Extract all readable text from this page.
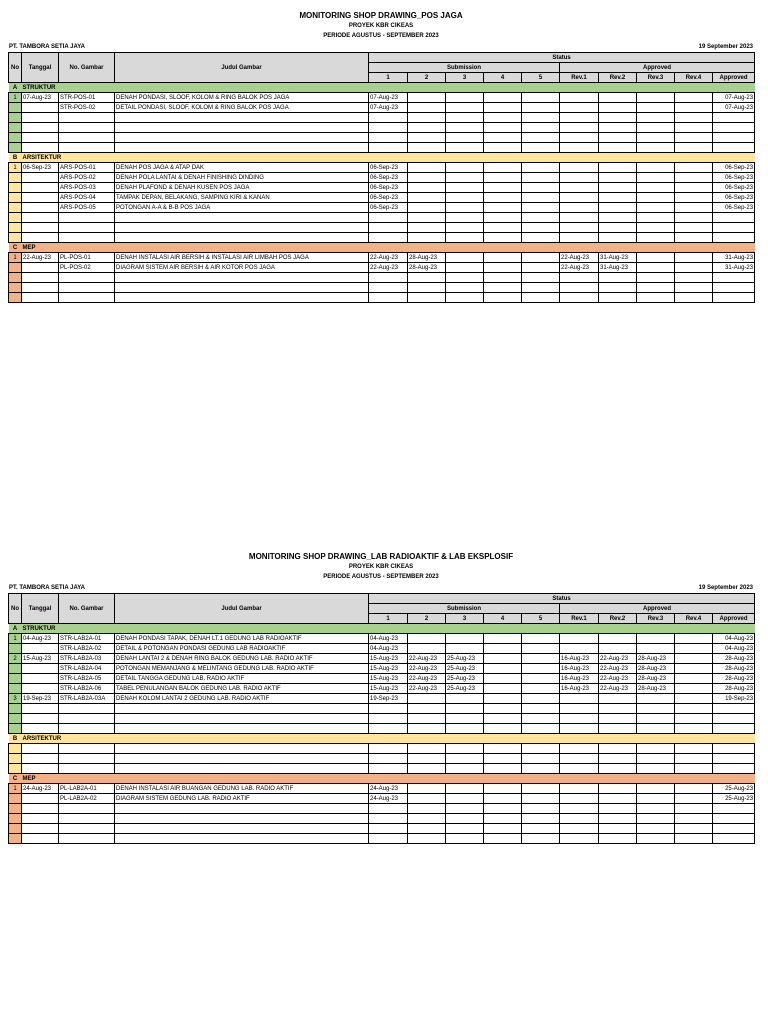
MONITORING SHOP DRAWING_POS JAGA
PROYEK KBR CIKEAS
PERIODE AGUSTUS - SEPTEMBER 2023
PT. TAMBORA SETIA JAYA	19 September 2023
No	Tanggal	No. Gambar	Judul Gambar	Status									
				Submission					Approved				
				1	2	3	4	5	Rev.1	Rev.2	Rev.3	Rev.4	Approved
A	STRUKTUR												
1	07-Aug-23	STR-POS-01	DENAH PONDASI, SLOOF, KOLOM & RING BALOK POS JAGA	07-Aug-23									07-Aug-23
		STR-POS-02	DETAIL PONDASI, SLOOF, KOLOM & RING BALOK POS JAGA	07-Aug-23									07-Aug-23

B	ARSITEKTUR												
1	06-Sep-23	ARS-POS-01	DENAH POS JAGA & ATAP DAK	06-Sep-23									06-Sep-23
		ARS-POS-02	DENAH POLA LANTAI & DENAH FINISHING DINDING	06-Sep-23									06-Sep-23
		ARS-POS-03	DENAH PLAFOND & DENAH KUSEN POS JAGA	06-Sep-23									06-Sep-23
		ARS-POS-04	TAMPAK DEPAN, BELAKANG, SAMPING KIRI & KANAN	06-Sep-23									06-Sep-23
		ARS-POS-05	POTONGAN A-A & B-B POS JAGA	06-Sep-23									06-Sep-23

C	MEP												
1	22-Aug-23	PL-POS-01	DENAH INSTALASI AIR BERSIH & INSTALASI AIR LIMBAH POS JAGA	22-Aug-23	28-Aug-23				22-Aug-23	31-Aug-23			31-Aug-23
		PL-POS-02	DIAGRAM SISTEM AIR BERSIH & AIR KOTOR POS JAGA	22-Aug-23	28-Aug-23				22-Aug-23	31-Aug-23			31-Aug-23

MONITORING SHOP DRAWING_LAB RADIOAKTIF & LAB EKSPLOSIF
PROYEK KBR CIKEAS
PERIODE AGUSTUS - SEPTEMBER 2023
PT. TAMBORA SETIA JAYA	19 September 2023
No	Tanggal	No. Gambar	Judul Gambar	Status									
				Submission					Approved				
				1	2	3	4	5	Rev.1	Rev.2	Rev.3	Rev.4	Approved
A	STRUKTUR												
1	04-Aug-23	STR-LAB2A-01	DENAH PONDASI TAPAK, DENAH LT.1 GEDUNG LAB RADIOAKTIF	04-Aug-23									04-Aug-23
		STR-LAB2A-02	DETAIL & POTONGAN PONDASI GEDUNG LAB RADIOAKTIF	04-Aug-23									04-Aug-23
2	15-Aug-23	STR-LAB2A-03	DENAH LANTAI 2 & DENAH RING BALOK GEDUNG LAB. RADIO AKTIF	15-Aug-23	22-Aug-23	25-Aug-23			16-Aug-23	22-Aug-23	28-Aug-23		28-Aug-23
		STR-LAB2A-04	POTONGAN MEMANJANG & MELINTANG GEDUNG LAB. RADIO AKTIF	15-Aug-23	22-Aug-23	25-Aug-23			16-Aug-23	22-Aug-23	28-Aug-23		28-Aug-23
		STR-LAB2A-05	DETAIL TANGGA GEDUNG LAB. RADIO AKTIF	15-Aug-23	22-Aug-23	25-Aug-23			16-Aug-23	22-Aug-23	28-Aug-23		28-Aug-23
		STR-LAB2A-06	TABEL PENULANGAN BALOK GEDUNG LAB. RADIO AKTIF	15-Aug-23	22-Aug-23	25-Aug-23			16-Aug-23	22-Aug-23	28-Aug-23		28-Aug-23
3	19-Sep-23	STR-LAB2A-03A	DENAH KOLOM LANTAI 2 GEDUNG LAB. RADIO AKTIF	19-Sep-23									19-Sep-23

B	ARSITEKTUR												

C	MEP												
1	24-Aug-23	PL-LAB2A-01	DENAH INSTALASI AIR BUANGAN GEDUNG LAB. RADIO AKTIF	24-Aug-23									25-Aug-23
		PL-LAB2A-02	DIAGRAM SISTEM GEDUNG LAB. RADIO AKTIF	24-Aug-23									25-Aug-23
